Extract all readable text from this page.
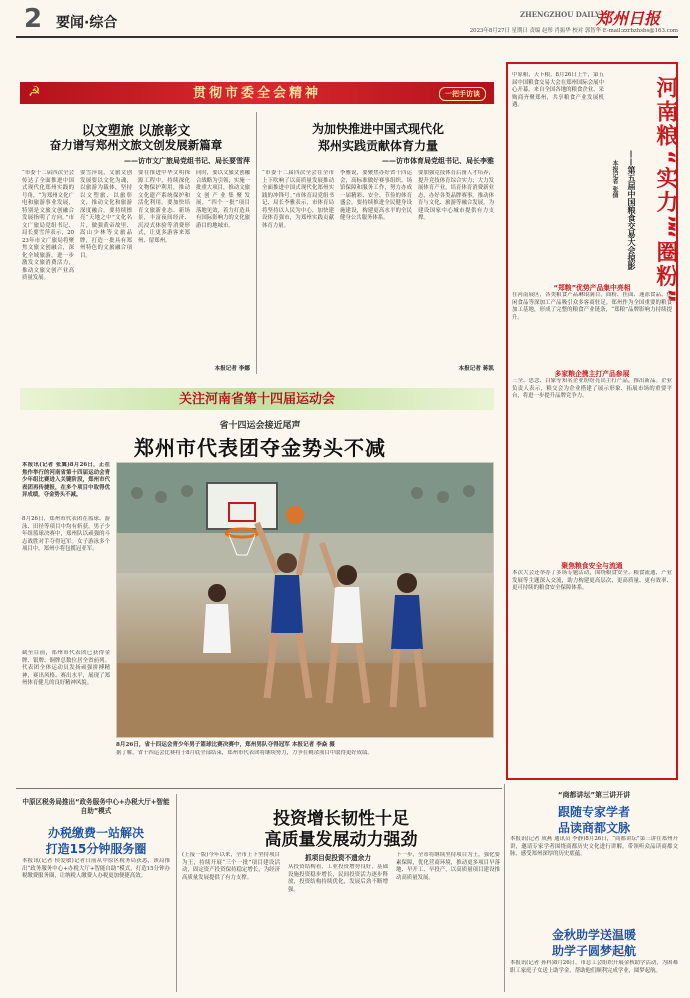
2 要闻·综合
ZHENGZHOU DAILY
郑州日报
2023年8月27日 星期日 责编 赵彤 肖振华 校对 郭智华 E-mail:zzrbzhsbs@163.com
☭	贯彻市委全会精神	一把手访谈
以文塑旅 以旅彰文
奋力谱写郑州文旅文创发展新篇章
——访市文广旅局党组书记、局长要雪萍
“市委十二届四次全会传达了全面推进中国式现代化郑州实践的号角，“为郑州文化广电和旅游事业发展，特别是文旅文创融合发展指明了方向。”市文广旅局党组书记、局长要雪萍表示，2023年市文广旅局将聚焦文旅文创融合，深化全域旅游，进一步激发文旅消费活力，推动文旅文创产业高质量发展。
要雪萍说，文旅文创发展要以文化为魂，以旅游为载体，坚持以文塑旅、以旅彰文，推动文化和旅游深度融合。要持续擦亮“天地之中”文化名片，做强黄帝故里、嵩山少林等文旅品牌，打造一批具有郑州特色的文旅融合项目。
要在推进中华文明探源工程中，持续深化文物保护利用，推动文化遗产系统保护和活化利用。要加快培育文旅新业态、新场景，丰富夜间经济、沉浸式体验等消费形式，让更多游客来郑州、留郑州。
同时，要以文旅文创融合战略为引领，实施一批重大项目，推动文旅文创产业集聚发展，“四个一批”项目落地见效，着力打造具有国际影响力的文化旅游目的地城市。
本报记者 李娜
为加快推进中国式现代化
郑州实践贡献体育力量
——访市体育局党组书记、局长李雅
“市委十二届四次全会在全市上下吹响了以高质量发展推动全面推进中国式现代化郑州实践的冲锋号。”市体育局党组书记、局长李雅表示，市体育局将坚持以人民为中心，加快建设体育强市，为郑州实践贡献体育力量。
李雅说，要聚焦办好省十四运会，高标准做好赛事组织、场馆保障和服务工作，努力办成一届精彩、安全、节俭的体育盛会。要持续推进全民健身设施建设，构建更高水平的全民健身公共服务体系。
要加强竞技体育后备人才培养，提升竞技体育综合实力；大力发展体育产业，培育体育消费新业态，办好各类品牌赛事，推动体育与文化、旅游等融合发展，为建设国家中心城市提供有力支撑。
本报记者 蒋凯
关注河南省第十四届运动会
省十四运会接近尾声
郑州市代表团夺金势头不减
本报讯(记者 张翼)8月26日，正在焦作举行的河南省第十四届运动会青少年组比赛进入关键阶段，郑州市代表团再传捷报，在多个项目中取得优异成绩，夺金势头不减。
8月26日，郑州市代表团在篮球、游泳、田径等项目中均有斩获。男子少年组篮球决赛中，郑州队以顽强的斗志战胜对手夺得冠军。女子游泳多个项目中，郑州小将包揽冠亚军。
截至目前，郑州市代表团已获得金牌、银牌、铜牌总数位居全省前列。代表团全体运动员发扬顽强拼搏精神，赛出风格、赛出水平，展现了郑州体育健儿的良好精神风貌。
据了解，省十四运会比赛将于8月底全部结束，郑州市代表团将继续努力，力争在剩余项目中取得更好成绩。
8月26日，省十四运会青少年男子篮球比赛决赛中，郑州男队夺得冠军 本报记者 李焱 摄
河南粮
“实力”
“圈粉”
——第五届中国粮食交易大会掠影
本报记者 张倩
中原粮，天下粮。8月26日上午，第五届中国粮食交易大会在郑州国际会展中心开幕。来自全国各地的粮食企业、采购商齐聚郑州，共享粮食产业发展机遇。
“郑粮”优势产品集中亮相
在河南展区，各类粮食产品琳琅满目，面粉、挂面、速冻食品、休闲食品等深加工产品吸引众多客商驻足。郑州作为全国重要的粮食加工基地，形成了完整的粮食产业链条，“郑粮”品牌影响力持续提升。
多家粮企携主打产品参展
三全、思念、白象等知名企业纷纷亮出主打产品，推出新品。企业负责人表示，粮交会为企业搭建了展示形象、拓展市场的重要平台，将进一步提升品牌竞争力。
聚焦粮食安全与流通
本次大会还举办了多场专题活动，围绕粮食安全、粮食流通、产业发展等主题深入交流，助力构建更高层次、更高质量、更有效率、更可持续的粮食安全保障体系。
“商都讲坛”第三讲开讲
跟随专家学者
品读商都文脉
本报讯(记者 成燕 通讯员 李静)8月26日，“商都讲坛”第三讲在郑州开讲，邀请专家学者围绕商都历史文化进行讲解，带领听众品读商都文脉，感受郑州深厚的历史底蕴。
中原区税务局推出“政务服务中心+办税大厅+智能自助”模式
办税缴费一站解决
打造15分钟服务圈
本报讯(记者 侯爱敏)记者日前从中原区税务局获悉，该局推出“政务服务中心+办税大厅+智能自助”模式，打造15分钟办税缴费服务圈，让纳税人缴费人办税更加便捷高效。
投资增长韧性十足
高质量发展动力强劲
(上接一版)今年以来，全市上下坚持项目为王，持续开展“三个一批”项目建设活动，固定资产投资保持稳定增长，为经济高质量发展提供了有力支撑。
抓项目促投资不遗余力
从投资结构看，工业投资增势良好，基础设施投资稳步增长，民间投资活力逐步释放，投资结构持续优化，发展后劲不断增强。
下一步，全市将继续坚持项目为王，强化要素保障，优化营商环境，推动更多项目早落地、早开工、早投产，以高质量项目建设推动高质量发展。
金秋助学送温暖
助学子圆梦起航
本报讯(记者 孙科)8月26日，市总工会组织开展金秋助学活动，为困难职工家庭子女送上助学金，帮助他们顺利完成学业，圆梦起航。
